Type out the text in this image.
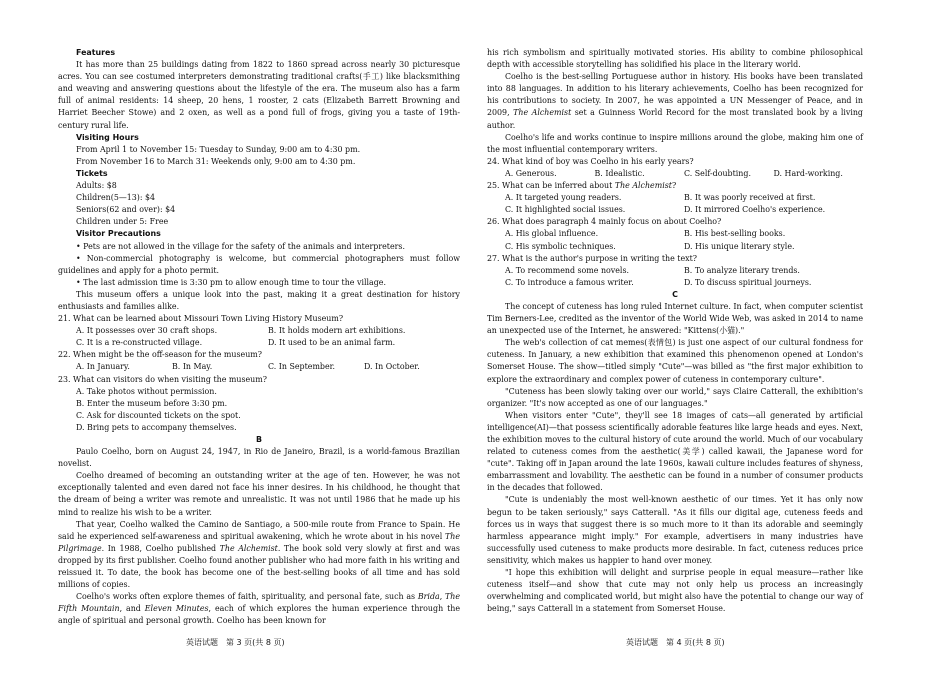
Features
It has more than 25 buildings dating from 1822 to 1860 spread across nearly 30 picturesque acres. You can see costumed interpreters demonstrating traditional crafts(手工) like blacksmithing and weaving and answering questions about the lifestyle of the era. The museum also has a farm full of animal residents: 14 sheep, 20 hens, 1 rooster, 2 cats (Elizabeth Barrett Browning and Harriet Beecher Stowe) and 2 oxen, as well as a pond full of frogs, giving you a taste of 19th-century rural life.
Visiting Hours
From April 1 to November 15: Tuesday to Sunday, 9:00 am to 4:30 pm.
From November 16 to March 31: Weekends only, 9:00 am to 4:30 pm.
Tickets
Adults: $8
Children(5—13): $4
Seniors(62 and over): $4
Children under 5: Free
Visitor Precautions
• Pets are not allowed in the village for the safety of the animals and interpreters.
• Non-commercial photography is welcome, but commercial photographers must follow guidelines and apply for a photo permit.
• The last admission time is 3:30 pm to allow enough time to tour the village.
This museum offers a unique look into the past, making it a great destination for history enthusiasts and families alike.
21. What can be learned about Missouri Town Living History Museum?
A. It possesses over 30 craft shops.	B. It holds modern art exhibitions.
C. It is a re-constructed village.	D. It used to be an animal farm.
22. When might be the off-season for the museum?
A. In January.	B. In May.	C. In September.	D. In October.
23. What can visitors do when visiting the museum?
A. Take photos without permission.
B. Enter the museum before 3:30 pm.
C. Ask for discounted tickets on the spot.
D. Bring pets to accompany themselves.
B
Paulo Coelho, born on August 24, 1947, in Rio de Janeiro, Brazil, is a world-famous Brazilian novelist.
Coelho dreamed of becoming an outstanding writer at the age of ten. However, he was not exceptionally talented and even dared not face his inner desires. In his childhood, he thought that the dream of being a writer was remote and unrealistic. It was not until 1986 that he made up his mind to realize his wish to be a writer.
That year, Coelho walked the Camino de Santiago, a 500-mile route from France to Spain. He said he experienced self-awareness and spiritual awakening, which he wrote about in his novel The Pilgrimage. In 1988, Coelho published The Alchemist. The book sold very slowly at first and was dropped by its first publisher. Coelho found another publisher who had more faith in his writing and reissued it. To date, the book has become one of the best-selling books of all time and has sold millions of copies.
Coelho's works often explore themes of faith, spirituality, and personal fate, such as Brida, The Fifth Mountain, and Eleven Minutes, each of which explores the human experience through the angle of spiritual and personal growth. Coelho has been known for
his rich symbolism and spiritually motivated stories. His ability to combine philosophical depth with accessible storytelling has solidified his place in the literary world.
Coelho is the best-selling Portuguese author in history. His books have been translated into 88 languages. In addition to his literary achievements, Coelho has been recognized for his contributions to society. In 2007, he was appointed a UN Messenger of Peace, and in 2009, The Alchemist set a Guinness World Record for the most translated book by a living author.
Coelho's life and works continue to inspire millions around the globe, making him one of the most influential contemporary writers.
24. What kind of boy was Coelho in his early years?
A. Generous.	B. Idealistic.	C. Self-doubting.	D. Hard-working.
25. What can be inferred about The Alchemist?
A. It targeted young readers.	B. It was poorly received at first.
C. It highlighted social issues.	D. It mirrored Coelho's experience.
26. What does paragraph 4 mainly focus on about Coelho?
A. His global influence.	B. His best-selling books.
C. His symbolic techniques.	D. His unique literary style.
27. What is the author's purpose in writing the text?
A. To recommend some novels.	B. To analyze literary trends.
C. To introduce a famous writer.	D. To discuss spiritual journeys.
C
The concept of cuteness has long ruled Internet culture. In fact, when computer scientist Tim Berners-Lee, credited as the inventor of the World Wide Web, was asked in 2014 to name an unexpected use of the Internet, he answered: "Kittens(小猫)."
The web's collection of cat memes(表情包) is just one aspect of our cultural fondness for cuteness. In January, a new exhibition that examined this phenomenon opened at London's Somerset House. The show—titled simply "Cute"—was billed as "the first major exhibition to explore the extraordinary and complex power of cuteness in contemporary culture".
"Cuteness has been slowly taking over our world," says Claire Catterall, the exhibition's organizer. "It's now accepted as one of our languages."
When visitors enter "Cute", they'll see 18 images of cats—all generated by artificial intelligence(AI)—that possess scientifically adorable features like large heads and eyes. Next, the exhibition moves to the cultural history of cute around the world. Much of our vocabulary related to cuteness comes from the aesthetic(美学) called kawaii, the Japanese word for "cute". Taking off in Japan around the late 1960s, kawaii culture includes features of shyness, embarrassment and lovability. The aesthetic can be found in a number of consumer products in the decades that followed.
"Cute is undeniably the most well-known aesthetic of our times. Yet it has only now begun to be taken seriously," says Catterall. "As it fills our digital age, cuteness feeds and forces us in ways that suggest there is so much more to it than its adorable and seemingly harmless appearance might imply." For example, advertisers in many industries have successfully used cuteness to make products more desirable. In fact, cuteness reduces price sensitivity, which makes us happier to hand over money.
"I hope this exhibition will delight and surprise people in equal measure—rather like cuteness itself—and show that cute may not only help us process an increasingly overwhelming and complicated world, but might also have the potential to change our way of being," says Catterall in a statement from Somerset House.
英语试题　第 3 页(共 8 页)	英语试题　第 4 页(共 8 页)
